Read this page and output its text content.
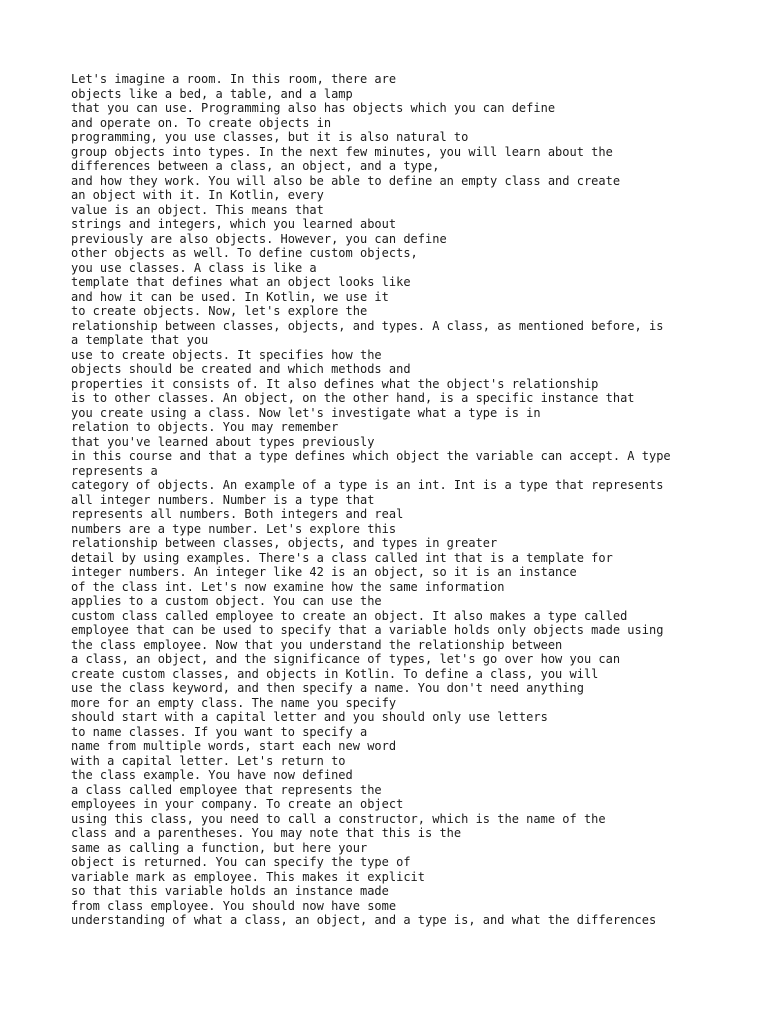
Let's imagine a room. In this room, there are
objects like a bed, a table, and a lamp
that you can use. Programming also has objects which you can define
and operate on. To create objects in
programming, you use classes, but it is also natural to
group objects into types. In the next few minutes, you will learn about the
differences between a class, an object, and a type,
and how they work. You will also be able to define an empty class and create
an object with it. In Kotlin, every
value is an object. This means that
strings and integers, which you learned about
previously are also objects. However, you can define
other objects as well. To define custom objects,
you use classes. A class is like a
template that defines what an object looks like
and how it can be used. In Kotlin, we use it
to create objects. Now, let's explore the
relationship between classes, objects, and types. A class, as mentioned before, is
a template that you
use to create objects. It specifies how the
objects should be created and which methods and
properties it consists of. It also defines what the object's relationship
is to other classes. An object, on the other hand, is a specific instance that
you create using a class. Now let's investigate what a type is in
relation to objects. You may remember
that you've learned about types previously
in this course and that a type defines which object the variable can accept. A type
represents a
category of objects. An example of a type is an int. Int is a type that represents
all integer numbers. Number is a type that
represents all numbers. Both integers and real
numbers are a type number. Let's explore this
relationship between classes, objects, and types in greater
detail by using examples. There's a class called int that is a template for
integer numbers. An integer like 42 is an object, so it is an instance
of the class int. Let's now examine how the same information
applies to a custom object. You can use the
custom class called employee to create an object. It also makes a type called
employee that can be used to specify that a variable holds only objects made using
the class employee. Now that you understand the relationship between
a class, an object, and the significance of types, let's go over how you can
create custom classes, and objects in Kotlin. To define a class, you will
use the class keyword, and then specify a name. You don't need anything
more for an empty class. The name you specify
should start with a capital letter and you should only use letters
to name classes. If you want to specify a
name from multiple words, start each new word
with a capital letter. Let's return to
the class example. You have now defined
a class called employee that represents the
employees in your company. To create an object
using this class, you need to call a constructor, which is the name of the
class and a parentheses. You may note that this is the
same as calling a function, but here your
object is returned. You can specify the type of
variable mark as employee. This makes it explicit
so that this variable holds an instance made
from class employee. You should now have some
understanding of what a class, an object, and a type is, and what the differences
